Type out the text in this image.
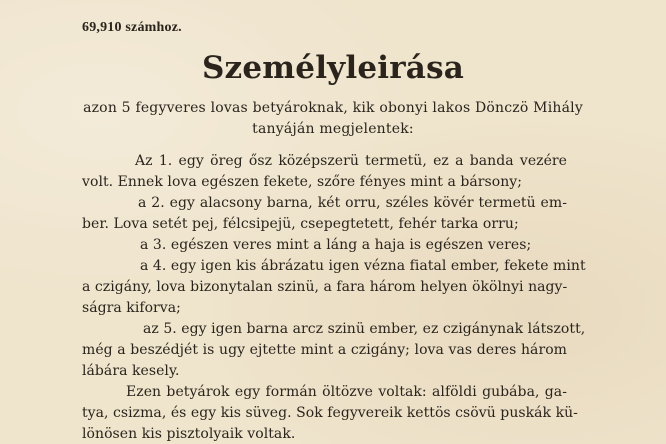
69,910 számhoz.
Személyleirása
azon 5 fegyveres lovas betyároknak, kik obonyi lakos Dönczö Mihály
tanyáján megjelentek:
Az 1. egy öreg ősz középszerü termetü, ez a banda vezére
volt. Ennek lova egészen fekete, szőre fényes mint a bársony;
a 2. egy alacsony barna, két orru, széles kövér termetü em-
ber. Lova setét pej, félcsipejü, csepegtetett, fehér tarka orru;
a 3. egészen veres mint a láng a haja is egészen veres;
a 4. egy igen kis ábrázatu igen vézna fiatal ember, fekete mint
a czigány, lova bizonytalan szinü, a fara három helyen ökölnyi nagy-
ságra kiforva;
az 5. egy igen barna arcz szinü ember, ez czigánynak látszott,
még a beszédjét is ugy ejtette mint a czigány; lova vas deres három
lábára kesely.
Ezen betyárok egy formán öltözve voltak: alföldi gubába, ga-
tya, csizma, és egy kis süveg. Sok fegyvereik kettös csövü puskák kü-
lönösen kis pisztolyaik voltak.
